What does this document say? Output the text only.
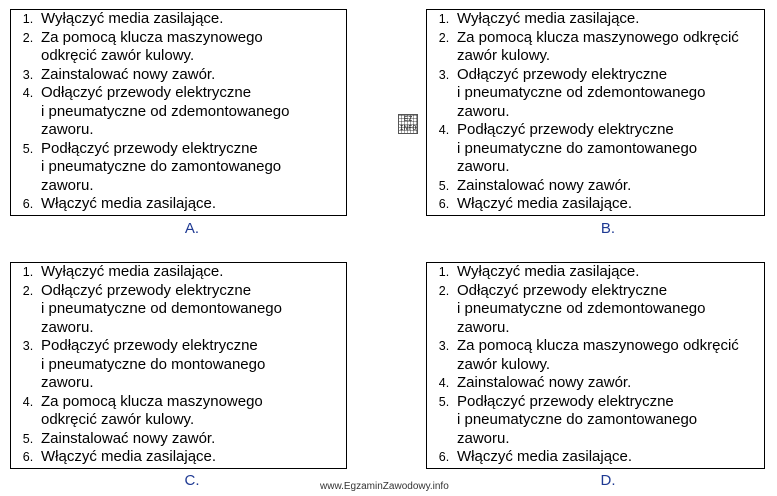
1. Wyłączyć media zasilające.
2. Za pomocą klucza maszynowego
odkręcić zawór kulowy.
3. Zainstalować nowy zawór.
4. Odłączyć przewody elektryczne
i pneumatyczne od zdemontowanego
zaworu.
5. Podłączyć przewody elektryczne
i pneumatyczne do zamontowanego
zaworu.
6. Włączyć media zasilające.
A.
1. Wyłączyć media zasilające.
2. Za pomocą klucza maszynowego odkręcić
zawór kulowy.
3. Odłączyć przewody elektryczne
i pneumatyczne od zdemontowanego
zaworu.
4. Podłączyć przewody elektryczne
i pneumatyczne do zamontowanego
zaworu.
5. Zainstalować nowy zawór.
6. Włączyć media zasilające.
B.
1. Wyłączyć media zasilające.
2. Odłączyć przewody elektryczne
i pneumatyczne od demontowanego
zaworu.
3. Podłączyć przewody elektryczne
i pneumatyczne do montowanego
zaworu.
4. Za pomocą klucza maszynowego
odkręcić zawór kulowy.
5. Zainstalować nowy zawór.
6. Włączyć media zasilające.
C.
1. Wyłączyć media zasilające.
2. Odłączyć przewody elektryczne
i pneumatyczne od zdemontowanego
zaworu.
3. Za pomocą klucza maszynowego odkręcić
zawór kulowy.
4. Zainstalować nowy zawór.
5. Podłączyć przewody elektryczne
i pneumatyczne do zamontowanego
zaworu.
6. Włączyć media zasilające.
D.
EZ INFO
www.EgzaminZawodowy.info
